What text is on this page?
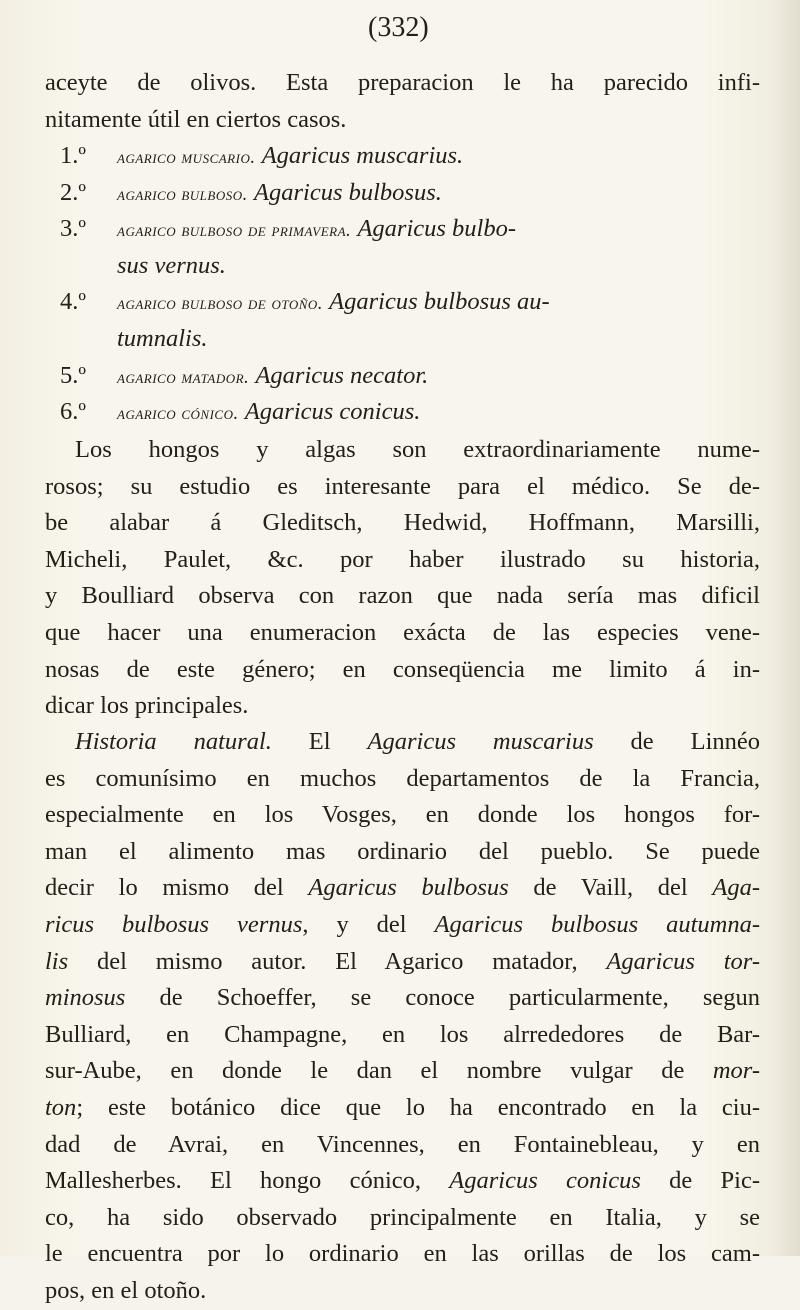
(332)
aceyte de olivos. Esta preparacion le ha parecido infi-
nitamente útil en ciertos casos.
1.º	agarico muscario. Agaricus muscarius.
2.º	agarico bulboso. Agaricus bulbosus.
3.º	agarico bulboso de primavera. Agaricus bulbo-
sus vernus.
4.º	agarico bulboso de otoño. Agaricus bulbosus au-
tumnalis.
5.º	agarico matador. Agaricus necator.
6.º	agarico cónico. Agaricus conicus.
Los hongos y algas son extraordinariamente nume-
rosos; su estudio es interesante para el médico. Se de-
be alabar á Gleditsch, Hedwid, Hoffmann, Marsilli,
Micheli, Paulet, &c. por haber ilustrado su historia,
y Boulliard observa con razon que nada sería mas dificil
que hacer una enumeracion exácta de las especies vene-
nosas de este género; en conseqüencia me limito á in-
dicar los principales.
Historia natural. El Agaricus muscarius de Linnéo
es comunísimo en muchos departamentos de la Francia,
especialmente en los Vosges, en donde los hongos for-
man el alimento mas ordinario del pueblo. Se puede
decir lo mismo del Agaricus bulbosus de Vaill, del Aga-
ricus bulbosus vernus, y del Agaricus bulbosus autumna-
lis del mismo autor. El Agarico matador, Agaricus tor-
minosus de Schoeffer, se conoce particularmente, segun
Bulliard, en Champagne, en los alrrededores de Bar-
sur-Aube, en donde le dan el nombre vulgar de mor-
ton; este botánico dice que lo ha encontrado en la ciu-
dad de Avrai, en Vincennes, en Fontainebleau, y en
Mallesherbes. El hongo cónico, Agaricus conicus de Pic-
co, ha sido observado principalmente en Italia, y se
le encuentra por lo ordinario en las orillas de los cam-
pos, en el otoño.
